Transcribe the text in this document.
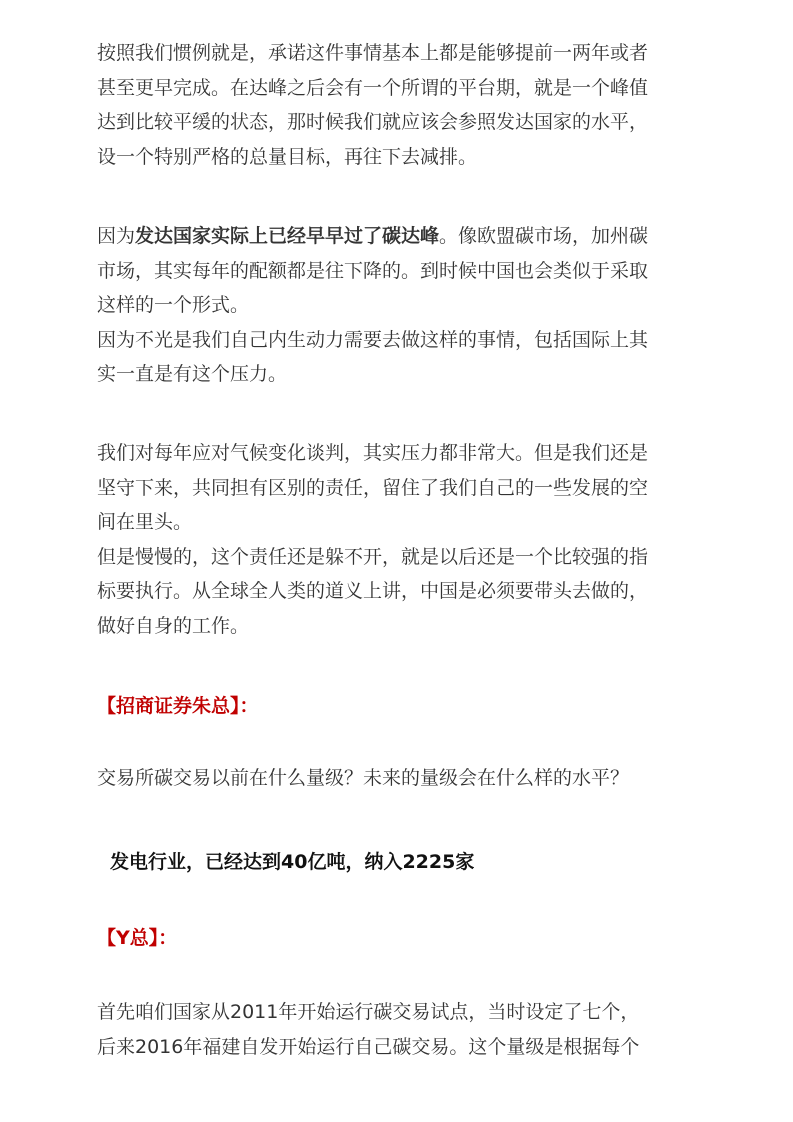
按照我们惯例就是，承诺这件事情基本上都是能够提前一两年或者

甚至更早完成。在达峰之后会有一个所谓的平台期，就是一个峰值

达到比较平缓的状态，那时候我们就应该会参照发达国家的水平，

设一个特别严格的总量目标，再往下去减排。

因为发达国家实际上已经早早过了碳达峰。像欧盟碳市场，加州碳

市场，其实每年的配额都是往下降的。到时候中国也会类似于采取

这样的一个形式。

因为不光是我们自己内生动力需要去做这样的事情，包括国际上其

实一直是有这个压力。

我们对每年应对气候变化谈判，其实压力都非常大。但是我们还是

坚守下来，共同担有区别的责任，留住了我们自己的一些发展的空

间在里头。

但是慢慢的，这个责任还是躲不开，就是以后还是一个比较强的指

标要执行。从全球全人类的道义上讲，中国是必须要带头去做的，

做好自身的工作。

【招商证券朱总】：

交易所碳交易以前在什么量级？未来的量级会在什么样的水平？

发电行业，已经达到40亿吨，纳入2225家

【Y总】：

首先咱们国家从2011年开始运行碳交易试点，当时设定了七个，

后来2016年福建自发开始运行自己碳交易。这个量级是根据每个
